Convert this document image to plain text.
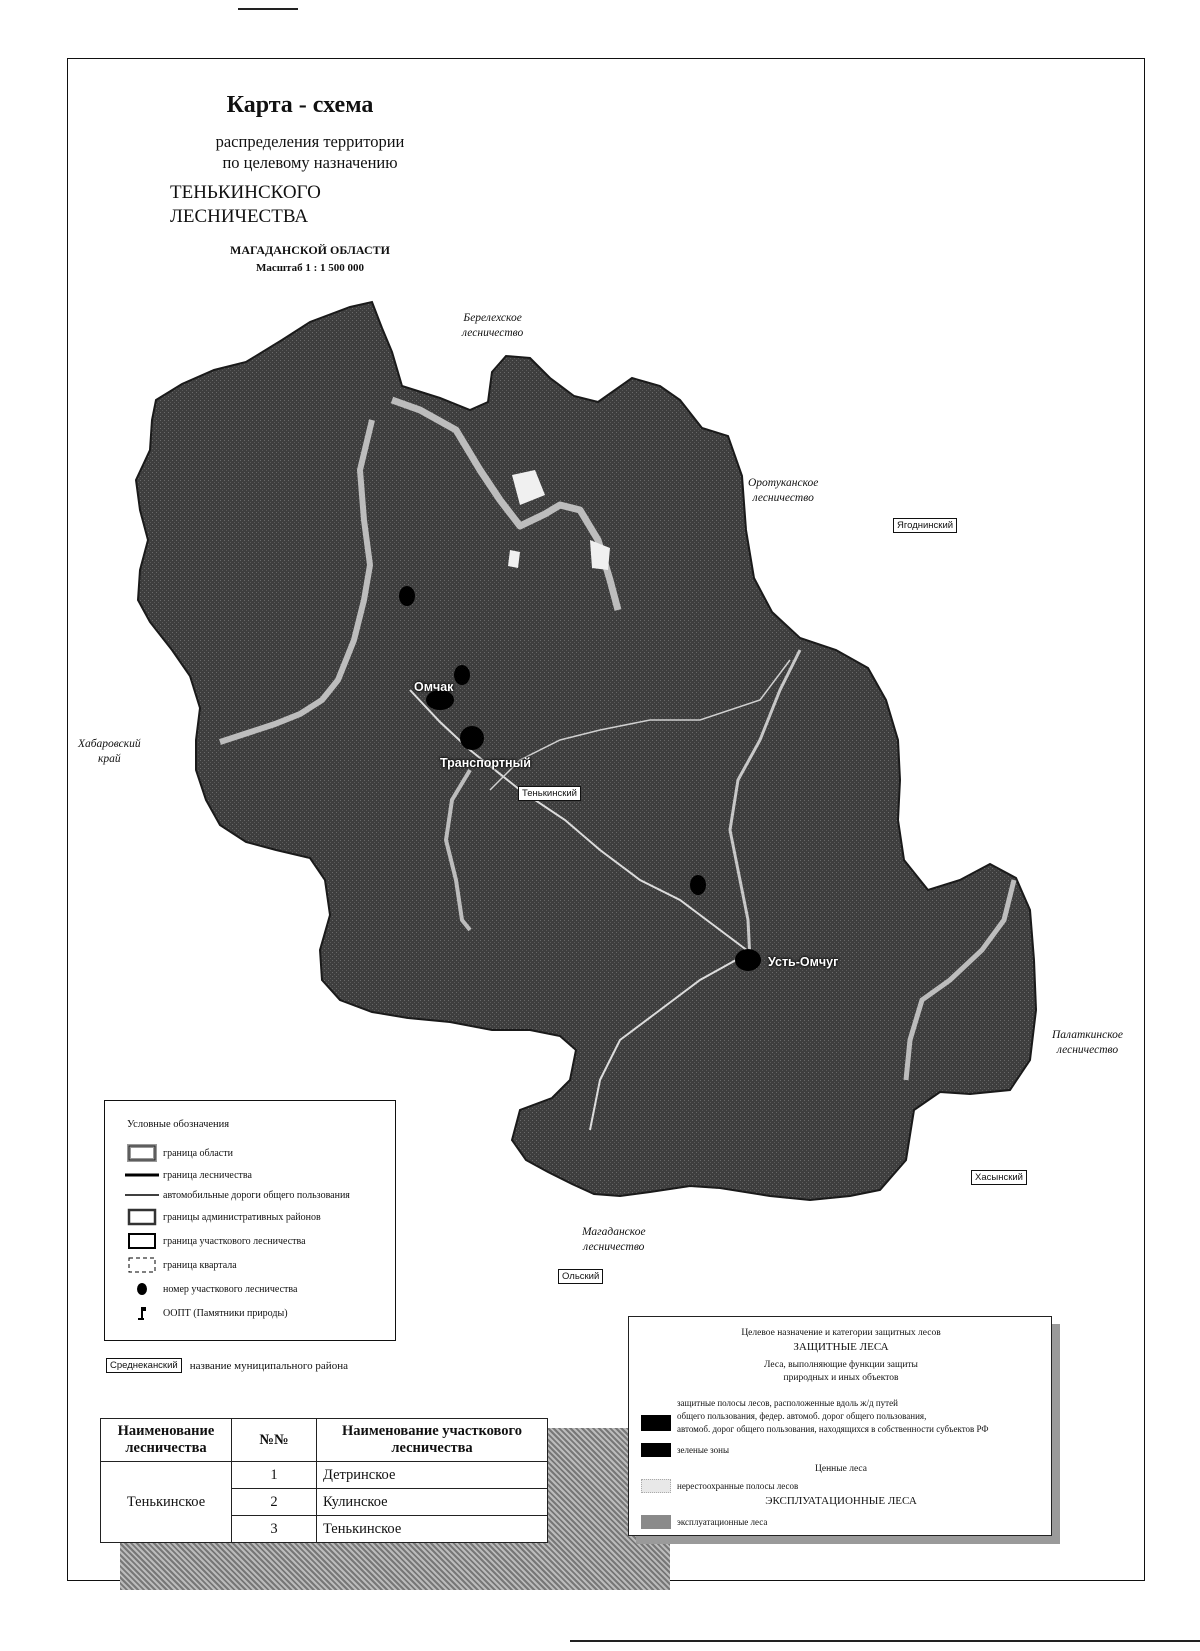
Карта - схема
распределения территории
по целевому назначению
ТЕНЬКИНСКОГО
ЛЕСНИЧЕСТВА
МАГАДАНСКОЙ ОБЛАСТИ
Масштаб 1 : 1 500 000
Берелехское
лесничество
Оротуканское
лесничество
Хабаровский
край
Палаткинское
лесничество
Магаданское
лесничество
Ягоднинский
Тенькинский
Хасынский
Ольский
Омчак
Транспортный
Усть-Омчуг
Условные обозначения
граница области
граница лесничества
автомобильные дороги общего пользования
границы административных районов
граница участкового лесничества
граница квартала
номер участкового лесничества
ООПТ (Памятники природы)
Среднеканский	название муниципального района
Наименование лесничества	№№	Наименование участкового лесничества
Тенькинское	1	Детринское
	2	Кулинское
	3	Тенькинское
Целевое назначение и категории защитных лесов
ЗАЩИТНЫЕ ЛЕСА
Леса, выполняющие функции защиты
природных и иных объектов
защитные полосы лесов, расположенные вдоль ж/д путей
общего пользования, федер. автомоб. дорог общего пользования,
автомоб. дорог общего пользования, находящихся в собственности субъектов РФ
зеленые зоны
Ценные леса
нерестоохранные полосы лесов
ЭКСПЛУАТАЦИОННЫЕ ЛЕСА
эксплуатационные леса
